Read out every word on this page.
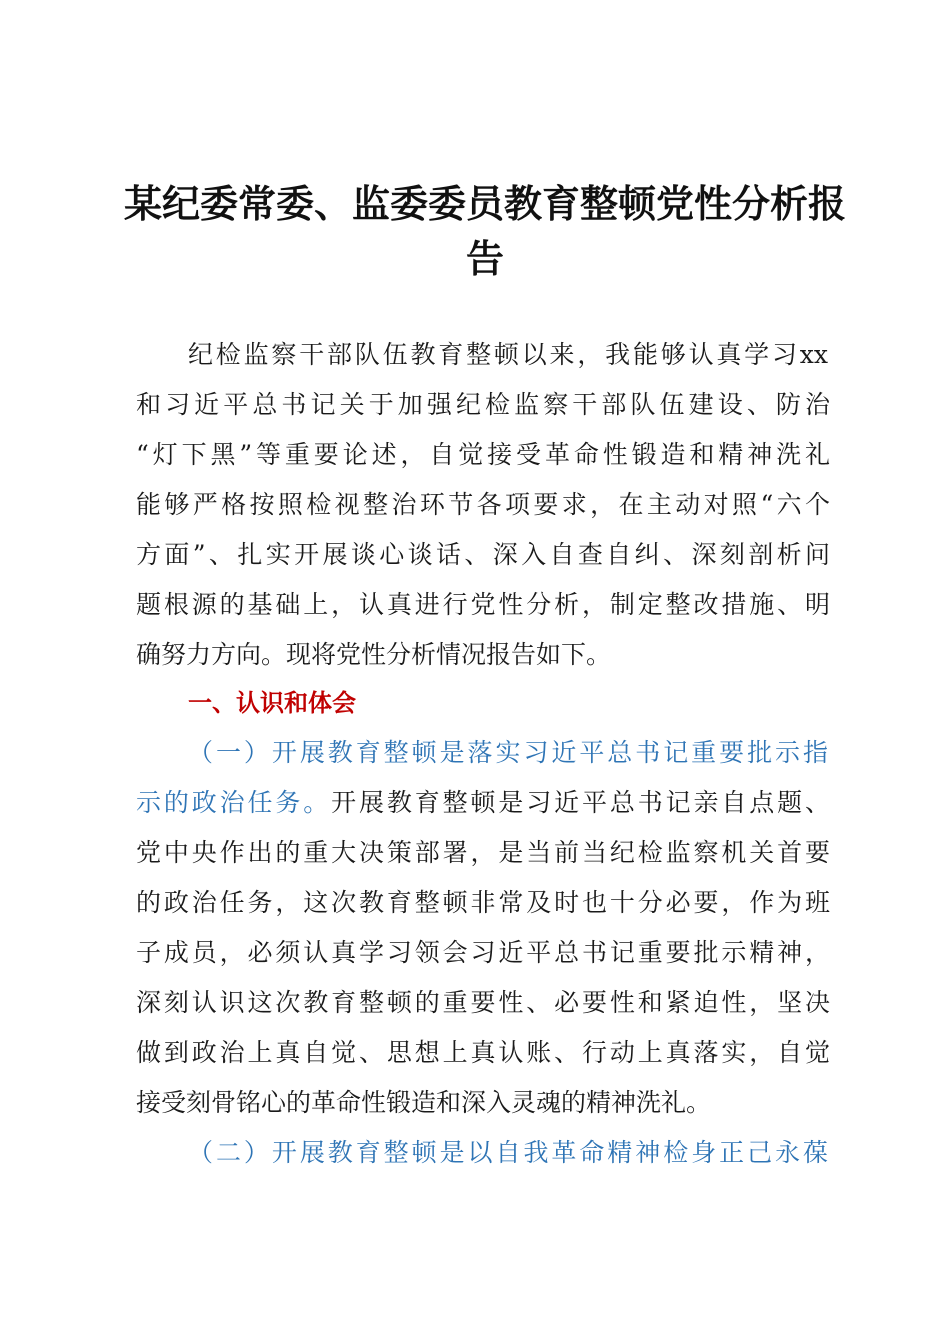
某纪委常委、监委委员教育整顿党性分析报
告

纪检监察干部队伍教育整顿以来，我能够认真学习xx

和习近平总书记关于加强纪检监察干部队伍建设、防治

“灯下黑”等重要论述，自觉接受革命性锻造和精神洗礼

能够严格按照检视整治环节各项要求，在主动对照“六个

方面”、扎实开展谈心谈话、深入自查自纠、深刻剖析问

题根源的基础上，认真进行党性分析，制定整改措施、明

确努力方向。现将党性分析情况报告如下。

一、认识和体会

（一）开展教育整顿是落实习近平总书记重要批示指

示的政治任务。开展教育整顿是习近平总书记亲自点题、

党中央作出的重大决策部署，是当前当纪检监察机关首要

的政治任务，这次教育整顿非常及时也十分必要，作为班

子成员，必须认真学习领会习近平总书记重要批示精神，

深刻认识这次教育整顿的重要性、必要性和紧迫性，坚决

做到政治上真自觉、思想上真认账、行动上真落实，自觉

接受刻骨铭心的革命性锻造和深入灵魂的精神洗礼。

（二）开展教育整顿是以自我革命精神检身正己永葆
